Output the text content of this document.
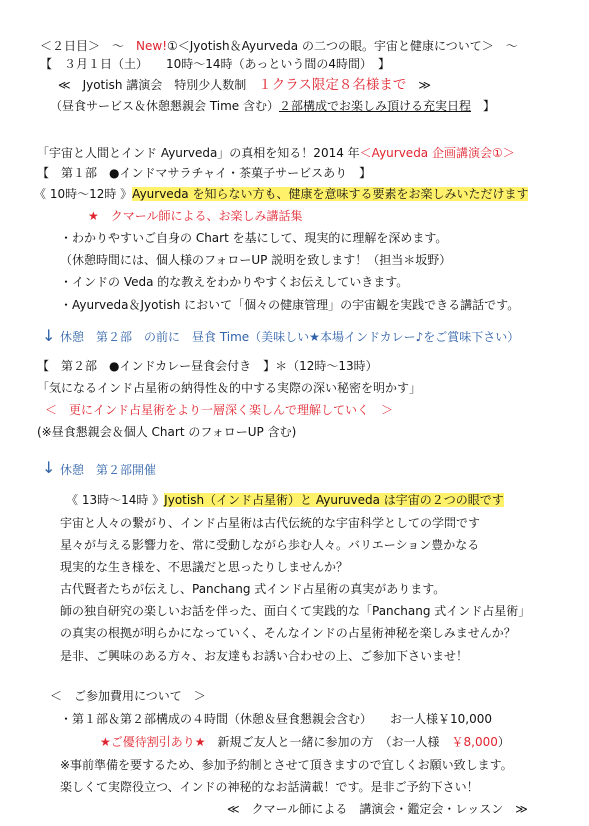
＜２日目＞　～　New!①＜Jyotish＆Ayurveda の二つの眼。宇宙と健康について＞　～
【　３月１日（土）　　10時～14時（あっという間の4時間）　】
≪　Jyotish 講演会　特別少人数制　１クラス限定８名様まで　≫
（昼食サービス＆休憩懇親会 Time 含む）２部構成でお楽しみ頂ける充実日程　】
「宇宙と人間とインド Ayurveda」の真相を知る！2014 年＜Ayurveda 企画講演会①＞
【　第１部　●インドマサラチャイ・茶菓子サービスあり　】
《 10時～12時 》Ayurveda を知らない方も、健康を意味する要素をお楽しみいただけます
★　クマール師による、お楽しみ講話集
・わかりやすいご自身の Chart を基にして、現実的に理解を深めます。
（休憩時間には、個人様のフォローUP 説明を致します！（担当＊坂野）
・インドの Veda 的な教えをわかりやすくお伝えしていきます。
・Ayurveda＆Jyotish において「個々の健康管理」の宇宙観を実践できる講話です。
↓ 休憩　第２部　の前に　昼食 Time（美味しい★本場インドカレー♪をご賞味下さい）
【　第２部　●インドカレー昼食会付き　】＊（12時～13時）
「気になるインド占星術の納得性＆的中する実際の深い秘密を明かす」
＜　更にインド占星術をより一層深く楽しんで理解していく　＞
(※昼食懇親会＆個人 Chart のフォローUP 含む)
↓ 休憩　第２部開催
《 13時～14時 》Jyotish（インド占星術）と Ayuruveda は宇宙の２つの眼です
宇宙と人々の繋がり、インド占星術は古代伝統的な宇宙科学としての学問です
星々が与える影響力を、常に受動しながら歩む人々。バリエーション豊かなる
現実的な生き様を、不思議だと思ったりしませんか？
古代賢者たちが伝えし、Panchang 式インド占星術の真実があります。
師の独自研究の楽しいお話を伴った、面白くて実践的な「Panchang 式インド占星術」
の真実の根拠が明らかになっていく、そんなインドの占星術神秘を楽しみませんか？
是非、ご興味のある方々、お友達もお誘い合わせの上、ご参加下さいませ！
＜　ご参加費用について　＞
・第１部＆第２部構成の４時間（休憩＆昼食懇親会含む）　　お一人様￥10,000
★ご優待割引あり★　新規ご友人と一緒に参加の方　（お一人様　￥8,000）
※事前準備を要するため、参加予約制とさせて頂きますので宜しくお願い致します。
楽しくて実際役立つ、インドの神秘的なお話満載！です。是非ご予約下さい！
≪　クマール師による　講演会・鑑定会・レッスン　≫
